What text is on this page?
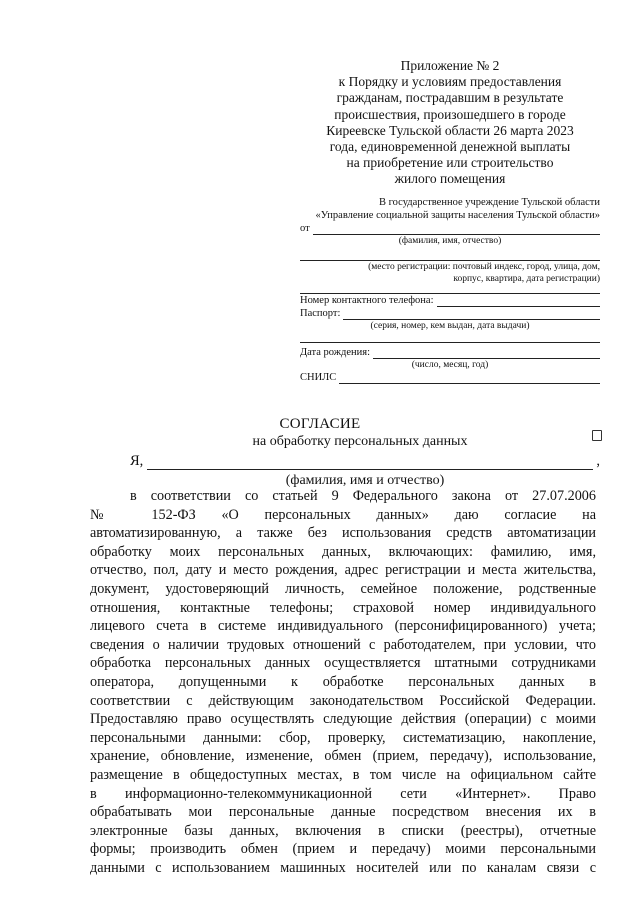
Приложение № 2
к Порядку и условиям предоставления
гражданам, пострадавшим в результате
происшествия, произошедшего в городе
Киреевске Тульской области 26 марта 2023
года, единовременной денежной выплаты
на приобретение или строительство
жилого помещения
В государственное учреждение Тульской области
«Управление социальной защиты населения Тульской области»
от
(фамилия, имя, отчество)
(место регистрации: почтовый индекс, город, улица, дом,
корпус, квартира, дата регистрации)
Номер контактного телефона:
Паспорт:
(серия, номер, кем выдан, дата выдачи)
Дата рождения:
(число, месяц, год)
СНИЛС
СОГЛАСИЕ
на обработку персональных данных
Я,	,
(фамилия, имя и отчество)
в соответствии со статьей 9 Федерального закона от 27.07.2006
№ 152-ФЗ «О персональных данных» даю согласие на
автоматизированную, а также без использования средств автоматизации
обработку моих персональных данных, включающих: фамилию, имя,
отчество, пол, дату и место рождения, адрес регистрации и места жительства,
документ, удостоверяющий личность, семейное положение, родственные
отношения, контактные телефоны; страховой номер индивидуального
лицевого счета в системе индивидуального (персонифицированного) учета;
сведения о наличии трудовых отношений с работодателем, при условии, что
обработка персональных данных осуществляется штатными сотрудниками
оператора, допущенными к обработке персональных данных в
соответствии с действующим законодательством Российской Федерации.
Предоставляю право осуществлять следующие действия (операции) с моими
персональными данными: сбор, проверку, систематизацию, накопление,
хранение, обновление, изменение, обмен (прием, передачу), использование,
размещение в общедоступных местах, в том числе на официальном сайте
в информационно-телекоммуникационной сети «Интернет». Право
обрабатывать мои персональные данные посредством внесения их в
электронные базы данных, включения в списки (реестры), отчетные
формы; производить обмен (прием и передачу) моими персональными
данными с использованием машинных носителей или по каналам связи с
